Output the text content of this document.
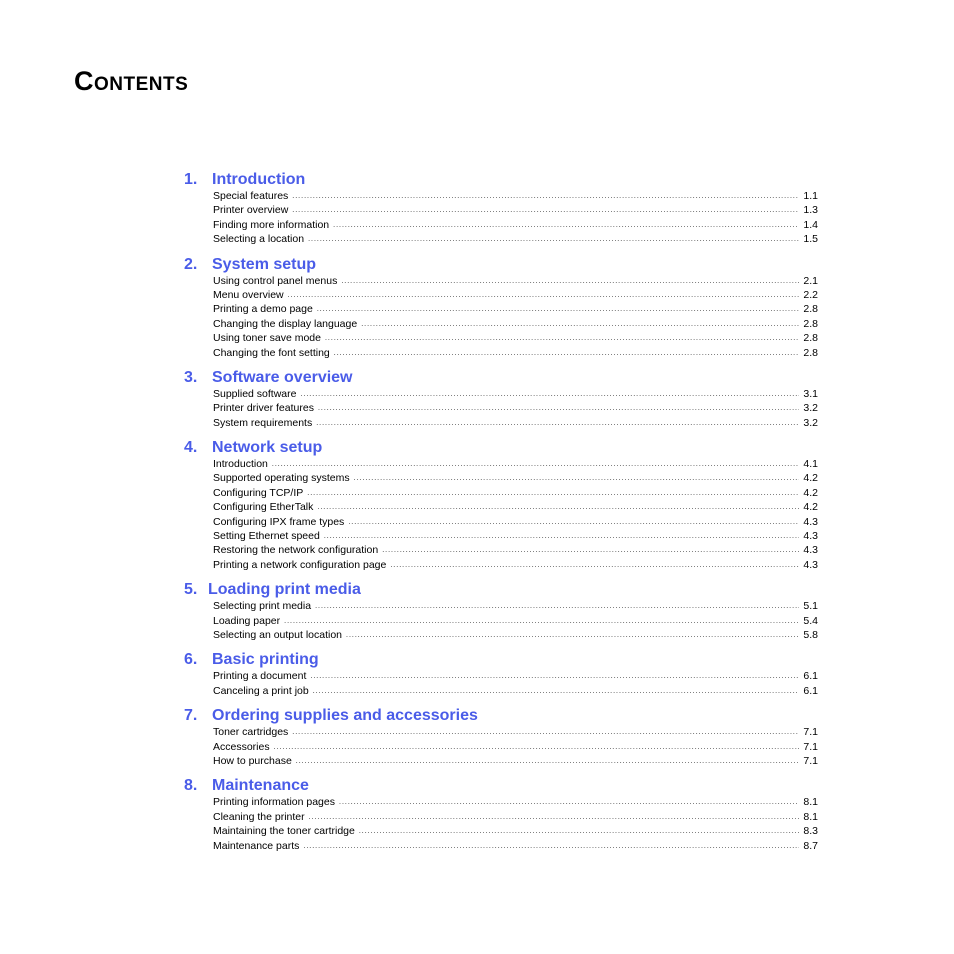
Contents
1. Introduction
Special features .....	1.1
Printer overview .....	1.3
Finding more information .....	1.4
Selecting a location .....	1.5
2. System setup
Using control panel menus .....	2.1
Menu overview .....	2.2
Printing a demo page .....	2.8
Changing the display language .....	2.8
Using toner save mode .....	2.8
Changing the font setting .....	2.8
3. Software overview
Supplied software .....	3.1
Printer driver features .....	3.2
System requirements .....	3.2
4. Network setup
Introduction .....	4.1
Supported operating systems .....	4.2
Configuring TCP/IP .....	4.2
Configuring EtherTalk .....	4.2
Configuring IPX frame types .....	4.3
Setting Ethernet speed .....	4.3
Restoring the network configuration .....	4.3
Printing a network configuration page .....	4.3
5. Loading print media
Selecting print media .....	5.1
Loading paper .....	5.4
Selecting an output location .....	5.8
6. Basic printing
Printing a document .....	6.1
Canceling a print job .....	6.1
7. Ordering supplies and accessories
Toner cartridges .....	7.1
Accessories .....	7.1
How to purchase .....	7.1
8. Maintenance
Printing information pages .....	8.1
Cleaning the printer .....	8.1
Maintaining the toner cartridge .....	8.3
Maintenance parts .....	8.7
